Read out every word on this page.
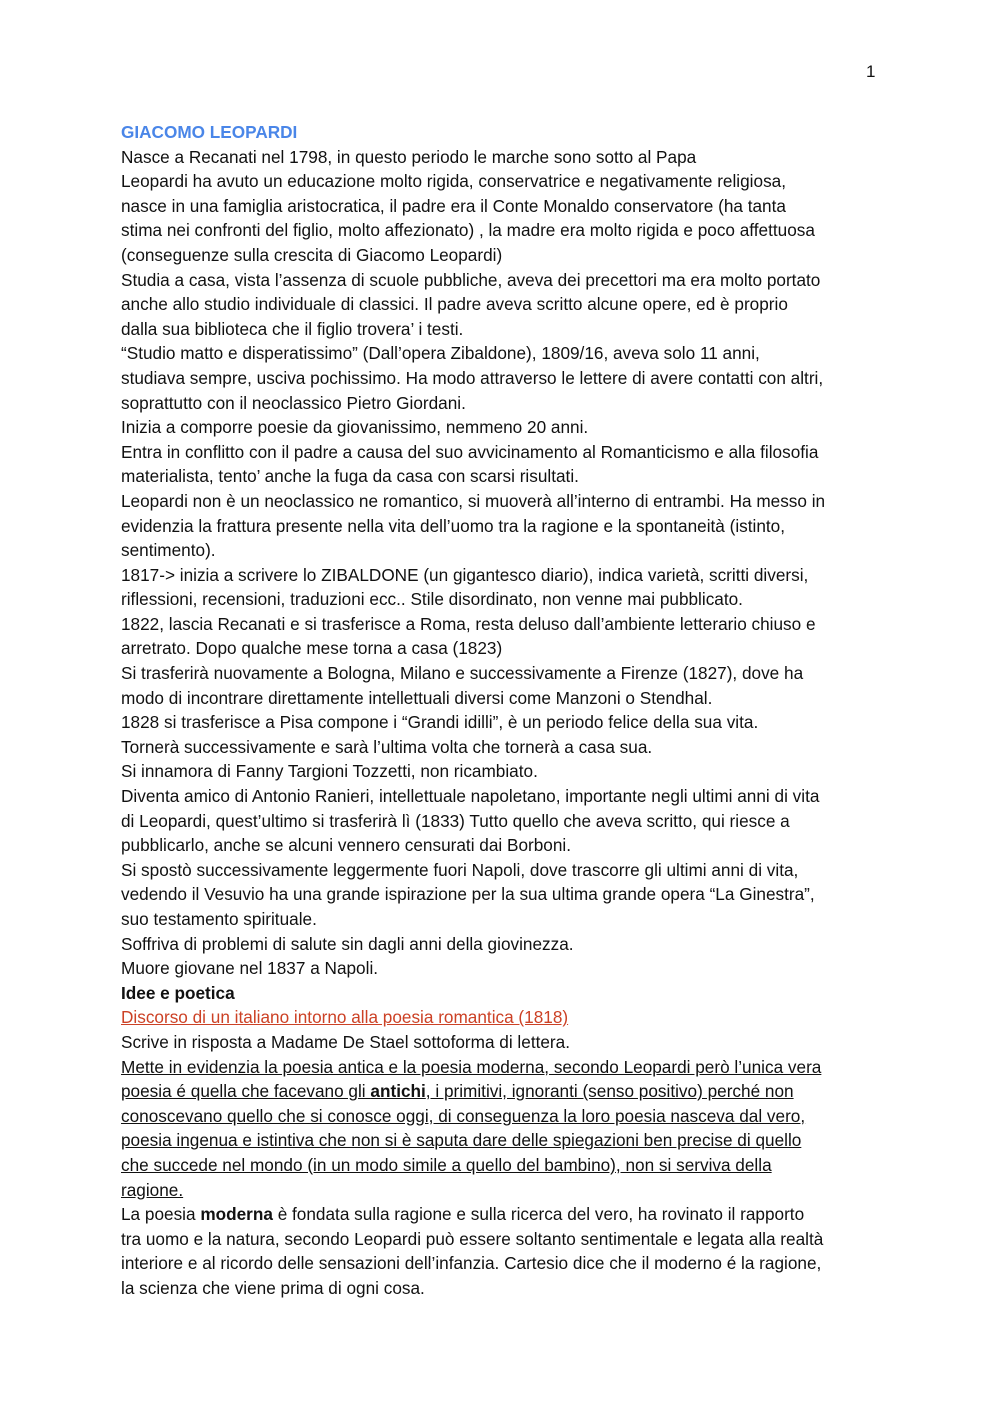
1

GIACOMO LEOPARDI

Nasce a Recanati nel 1798, in questo periodo le marche sono sotto al Papa

Leopardi ha avuto un educazione molto rigida, conservatrice e negativamente religiosa,

nasce in una famiglia aristocratica, il padre era il Conte Monaldo conservatore (ha tanta

stima nei confronti del figlio, molto affezionato) , la madre era molto rigida e poco affettuosa

(conseguenze sulla crescita di Giacomo Leopardi)

Studia a casa, vista l’assenza di scuole pubbliche, aveva dei precettori ma era molto portato

anche allo studio individuale di classici. Il padre aveva scritto alcune opere, ed è proprio

dalla sua biblioteca che il figlio trovera’ i testi.

“Studio matto e disperatissimo” (Dall’opera Zibaldone), 1809/16, aveva solo 11 anni,

studiava sempre, usciva pochissimo. Ha modo attraverso le lettere di avere contatti con altri,

soprattutto con il neoclassico Pietro Giordani.

Inizia a comporre poesie da giovanissimo, nemmeno 20 anni.

Entra in conflitto con il padre a causa del suo avvicinamento al Romanticismo e alla filosofia

materialista, tento’ anche la fuga da casa con scarsi risultati.

Leopardi non è un neoclassico ne romantico, si muoverà all’interno di entrambi. Ha messo in

evidenzia la frattura presente nella vita dell’uomo tra la ragione e la spontaneità (istinto,

sentimento).

1817-> inizia a scrivere lo ZIBALDONE (un gigantesco diario), indica varietà, scritti diversi,

riflessioni, recensioni, traduzioni ecc.. Stile disordinato, non venne mai pubblicato.

1822, lascia Recanati e si trasferisce a Roma, resta deluso dall’ambiente letterario chiuso e

arretrato. Dopo qualche mese torna a casa (1823)

Si trasferirà nuovamente a Bologna, Milano e successivamente a Firenze (1827), dove ha

modo di incontrare direttamente intellettuali diversi come Manzoni o Stendhal.

1828 si trasferisce a Pisa compone i “Grandi idilli”, è un periodo felice della sua vita.

Tornerà successivamente e sarà l’ultima volta che tornerà a casa sua.

Si innamora di Fanny Targioni Tozzetti, non ricambiato.

Diventa amico di Antonio Ranieri, intellettuale napoletano, importante negli ultimi anni di vita

di Leopardi, quest’ultimo si trasferirà lì (1833) Tutto quello che aveva scritto, qui riesce a

pubblicarlo, anche se alcuni vennero censurati dai Borboni.

Si spostò successivamente leggermente fuori Napoli, dove trascorre gli ultimi anni di vita,

vedendo il Vesuvio ha una grande ispirazione per la sua ultima grande opera “La Ginestra”,

suo testamento spirituale.

Soffriva di problemi di salute sin dagli anni della giovinezza.

Muore giovane nel 1837 a Napoli.

Idee e poetica

Discorso di un italiano intorno alla poesia romantica (1818)

Scrive in risposta a Madame De Stael sottoforma di lettera.

Mette in evidenzia la poesia antica e la poesia moderna, secondo Leopardi però l’unica vera

poesia é quella che facevano gli antichi, i primitivi, ignoranti (senso positivo) perché non

conoscevano quello che si conosce oggi, di conseguenza la loro poesia nasceva dal vero,

poesia ingenua e istintiva che non si è saputa dare delle spiegazioni ben precise di quello

che succede nel mondo (in un modo simile a quello del bambino), non si serviva della

ragione.

La poesia moderna è fondata sulla ragione e sulla ricerca del vero, ha rovinato il rapporto

tra uomo e la natura, secondo Leopardi può essere soltanto sentimentale e legata alla realtà

interiore e al ricordo delle sensazioni dell’infanzia. Cartesio dice che il moderno é la ragione,

la scienza che viene prima di ogni cosa.
